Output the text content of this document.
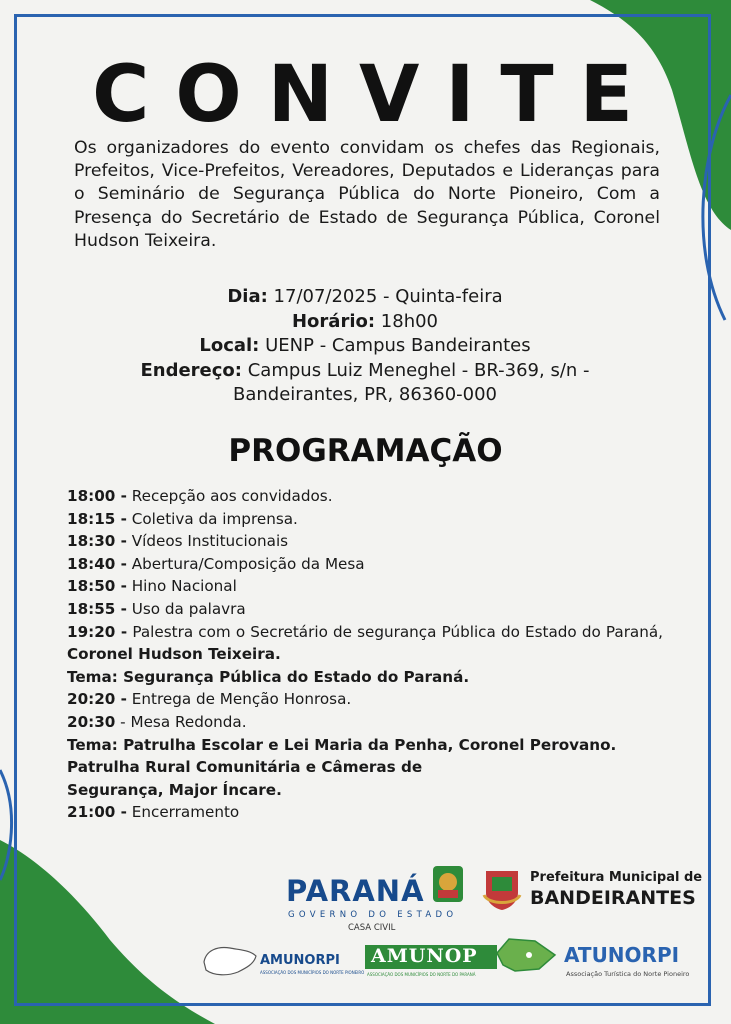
CONVITE
Os organizadores do evento convidam os chefes das Regionais, Prefeitos, Vice-Prefeitos, Vereadores, Deputados e Lideranças para o Seminário de Segurança Pública do Norte Pioneiro, Com a Presença do Secretário de Estado de Segurança Pública, Coronel Hudson Teixeira.
Dia: 17/07/2025 - Quinta-feira
Horário: 18h00
Local: UENP - Campus Bandeirantes
Endereço: Campus Luiz Meneghel - BR-369, s/n -
Bandeirantes, PR, 86360-000
PROGRAMAÇÃO

18:00 - Recepção aos convidados.

18:15 - Coletiva da imprensa.

18:30 - Vídeos Institucionais

18:40 - Abertura/Composição da Mesa

18:50 - Hino Nacional

18:55 - Uso da palavra

19:20 - Palestra com o Secretário de segurança Pública do Estado do Paraná, Coronel Hudson Teixeira.

Tema: Segurança Pública do Estado do Paraná.

20:20 - Entrega de Menção Honrosa.

20:30 - Mesa Redonda.

Tema: Patrulha Escolar e Lei Maria da Penha, Coronel Perovano.

Patrulha Rural Comunitária e Câmeras de

Segurança, Major Íncare.

21:00 - Encerramento

PARANÁ
GOVERNO DO ESTADO
CASA CIVIL
Prefeitura Municipal de
BANDEIRANTES
AMUNORPI
ASSOCIAÇÃO DOS MUNICÍPIOS DO NORTE PIONEIRO
AMUNOP
ASSOCIAÇÃO DOS MUNICÍPIOS DO NORTE DO PARANÁ
ATUNORPI
Associação Turística do Norte Pioneiro
